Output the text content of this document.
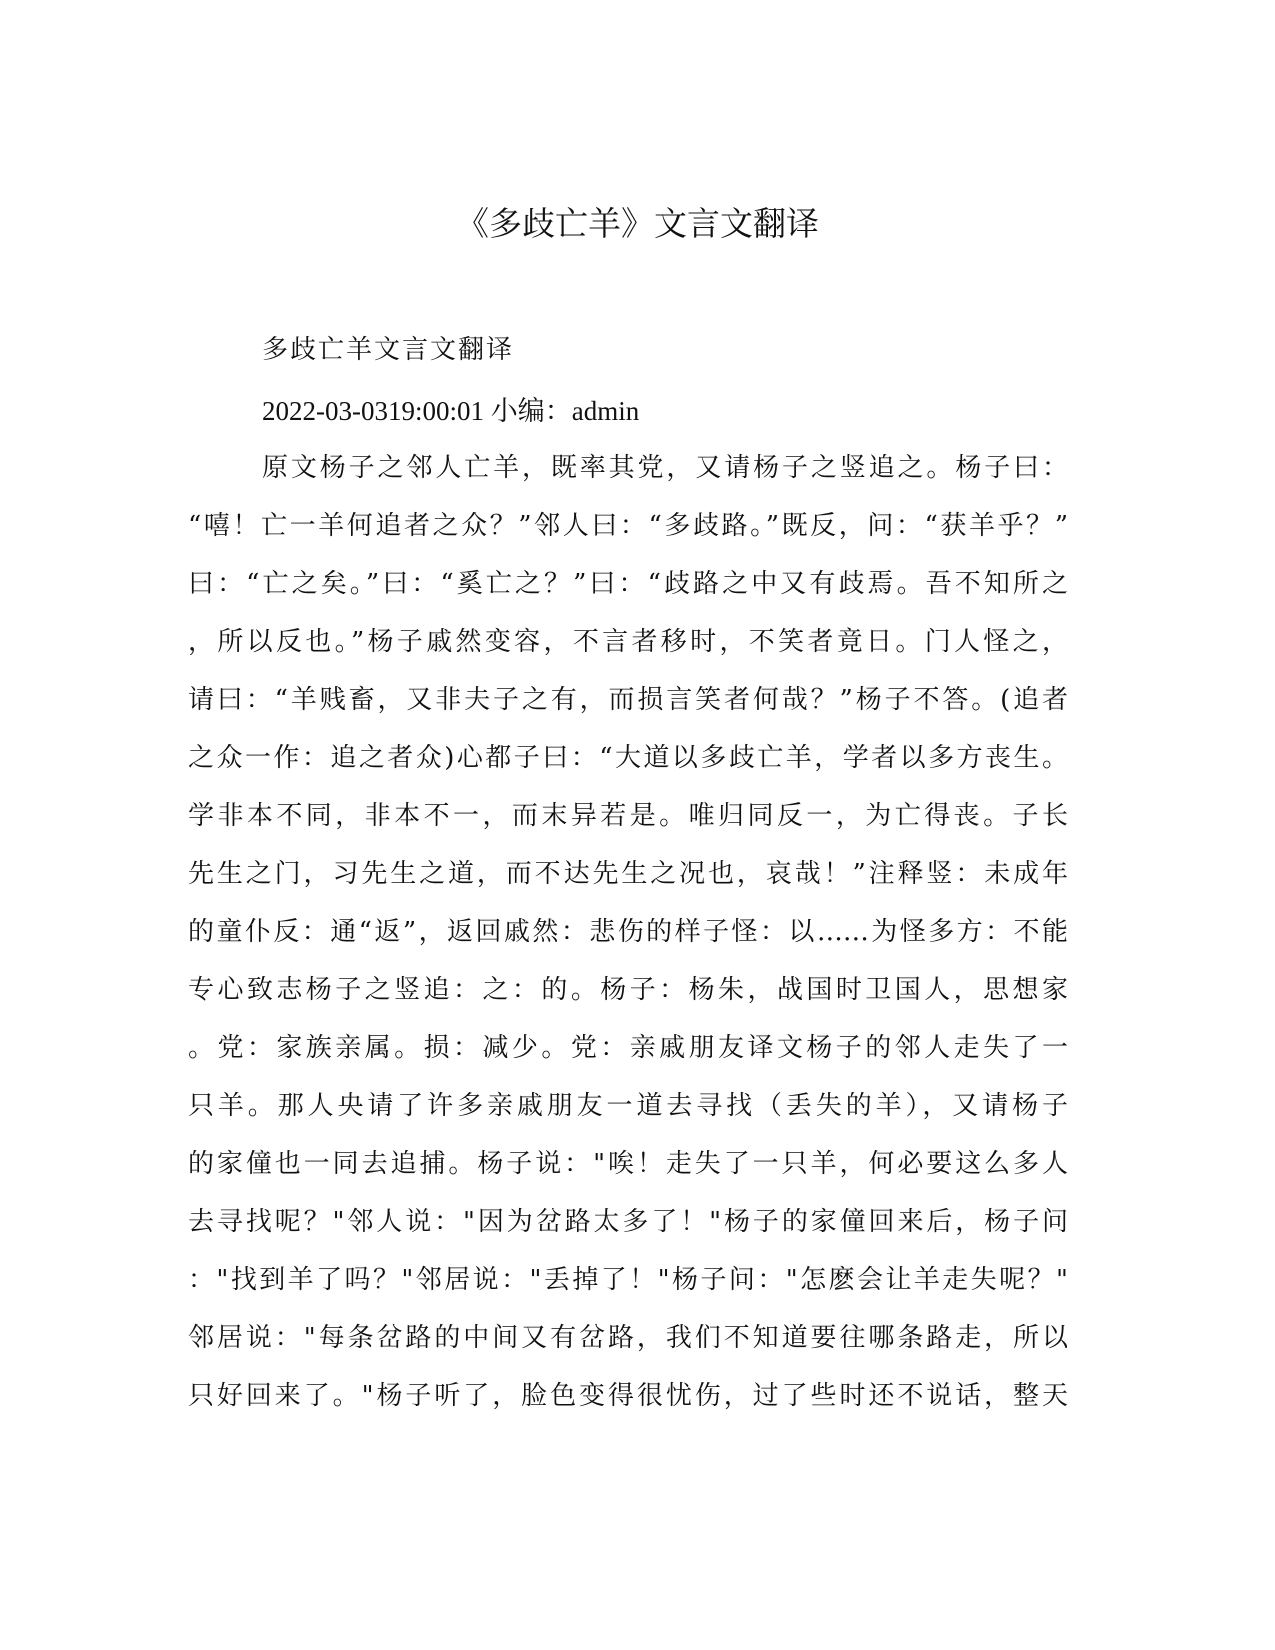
《多歧亡羊》文言文翻译

多歧亡羊文言文翻译

2022-03-0319:00:01 小编：admin

原文杨子之邻人亡羊，既率其党，又请杨子之竖追之。杨子曰：

“嘻！亡一羊何追者之众？”邻人曰：“多歧路。”既反，问：“获羊乎？”

曰：“亡之矣。”曰：“奚亡之？”曰：“歧路之中又有歧焉。吾不知所之

，所以反也。”杨子戚然变容，不言者移时，不笑者竟日。门人怪之，

请曰：“羊贱畜，又非夫子之有，而损言笑者何哉？”杨子不答。(追者

之众一作：追之者众)心都子曰：“大道以多歧亡羊，学者以多方丧生。

学非本不同，非本不一，而末异若是。唯归同反一，为亡得丧。子长

先生之门，习先生之道，而不达先生之况也，哀哉！”注释竖：未成年

的童仆反：通“返”，返回戚然：悲伤的样子怪：以……为怪多方：不能

专心致志杨子之竖追：之：的。杨子：杨朱，战国时卫国人，思想家

。党：家族亲属。损：减少。党：亲戚朋友译文杨子的邻人走失了一

只羊。那人央请了许多亲戚朋友一道去寻找（丢失的羊），又请杨子

的家僮也一同去追捕。杨子说："唉！走失了一只羊，何必要这么多人

去寻找呢？"邻人说："因为岔路太多了！"杨子的家僮回来后，杨子问

："找到羊了吗？"邻居说："丢掉了！"杨子问："怎麽会让羊走失呢？"

邻居说："每条岔路的中间又有岔路，我们不知道要往哪条路走，所以

只好回来了。"杨子听了，脸色变得很忧伤，过了些时还不说话，整天
